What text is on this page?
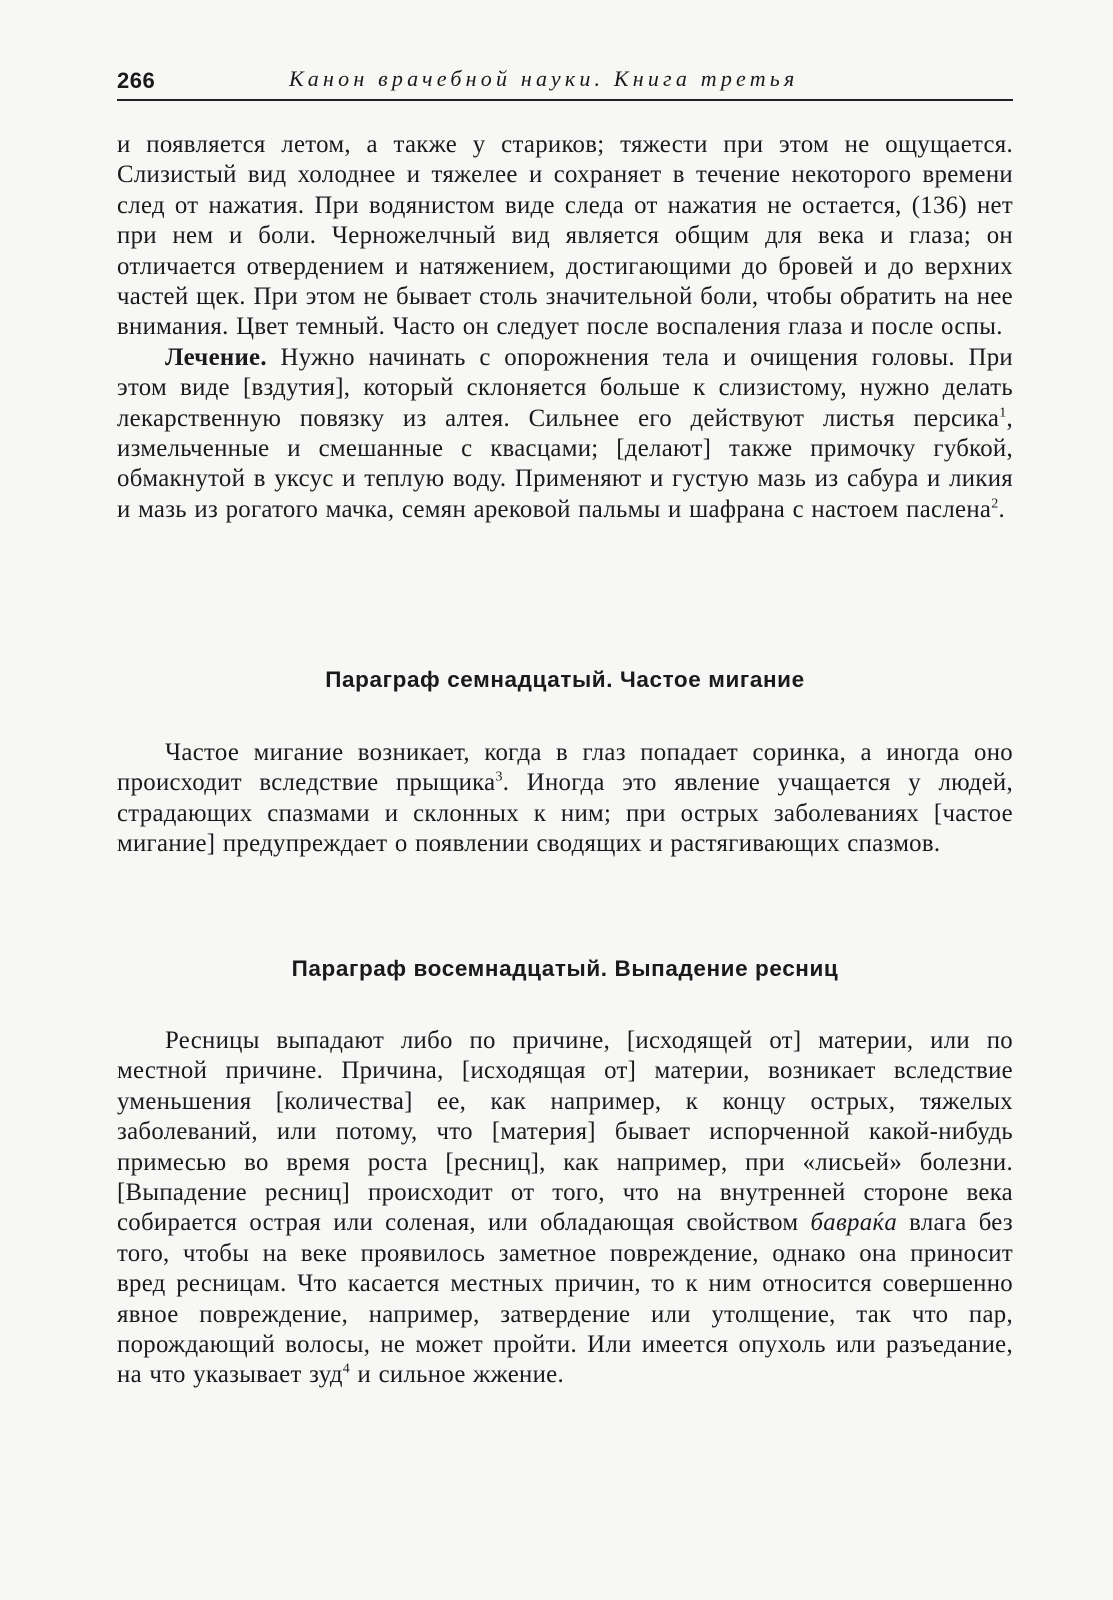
266	Канон врачебной науки. Книга третья

и появляется летом, а также у стариков; тяжести при этом не ощущается. Слизистый вид холоднее и тяжелее и сохраняет в течение некоторого времени след от нажатия. При водянистом виде следа от нажатия не остается, (136) нет при нем и боли. Черножелчный вид является общим для века и глаза; он отличается отвердением и натяжением, достигающими до бровей и до верхних частей щек. При этом не бывает столь значительной боли, чтобы обратить на нее внимания. Цвет темный. Часто он следует после воспаления глаза и после оспы.

Лечение. Нужно начинать с опорожнения тела и очищения головы. При этом виде [вздутия], который склоняется больше к слизистому, нужно делать лекарственную повязку из алтея. Сильнее его действуют листья персика$^1$, измельченные и смешанные с квасцами; [делают] также примочку губкой, обмакнутой в уксус и теплую воду. Применяют и густую мазь из сабура и ликия и мазь из рогатого мачка, семян арековой пальмы и шафрана с настоем паслена$^2$.

Параграф семнадцатый. Частое мигание

Частое мигание возникает, когда в глаз попадает соринка, а иногда оно происходит вследствие прыщика$^3$. Иногда это явление учащается у людей, страдающих спазмами и склонных к ним; при острых заболеваниях [частое мигание] предупреждает о появлении сводящих и растягивающих спазмов.

Параграф восемнадцатый. Выпадение ресниц

Ресницы выпадают либо по причине, [исходящей от] материи, или по местной причине. Причина, [исходящая от] материи, возникает вследствие уменьшения [количества] ее, как например, к концу острых, тяжелых заболеваний, или потому, что [материя] бывает испорченной какой-нибудь примесью во время роста [ресниц], как например, при «лисьей» болезни. [Выпадение ресниц] происходит от того, что на внутренней стороне века собирается острая или соленая, или обладающая свойством бавраќа влага без того, чтобы на веке проявилось заметное повреждение, однако она приносит вред ресницам. Что касается местных причин, то к ним относится совершенно явное повреждение, например, затвердение или утолщение, так что пар, порождающий волосы, не может пройти. Или имеется опухоль или разъедание, на что указывает зуд$^4$ и сильное жжение.
